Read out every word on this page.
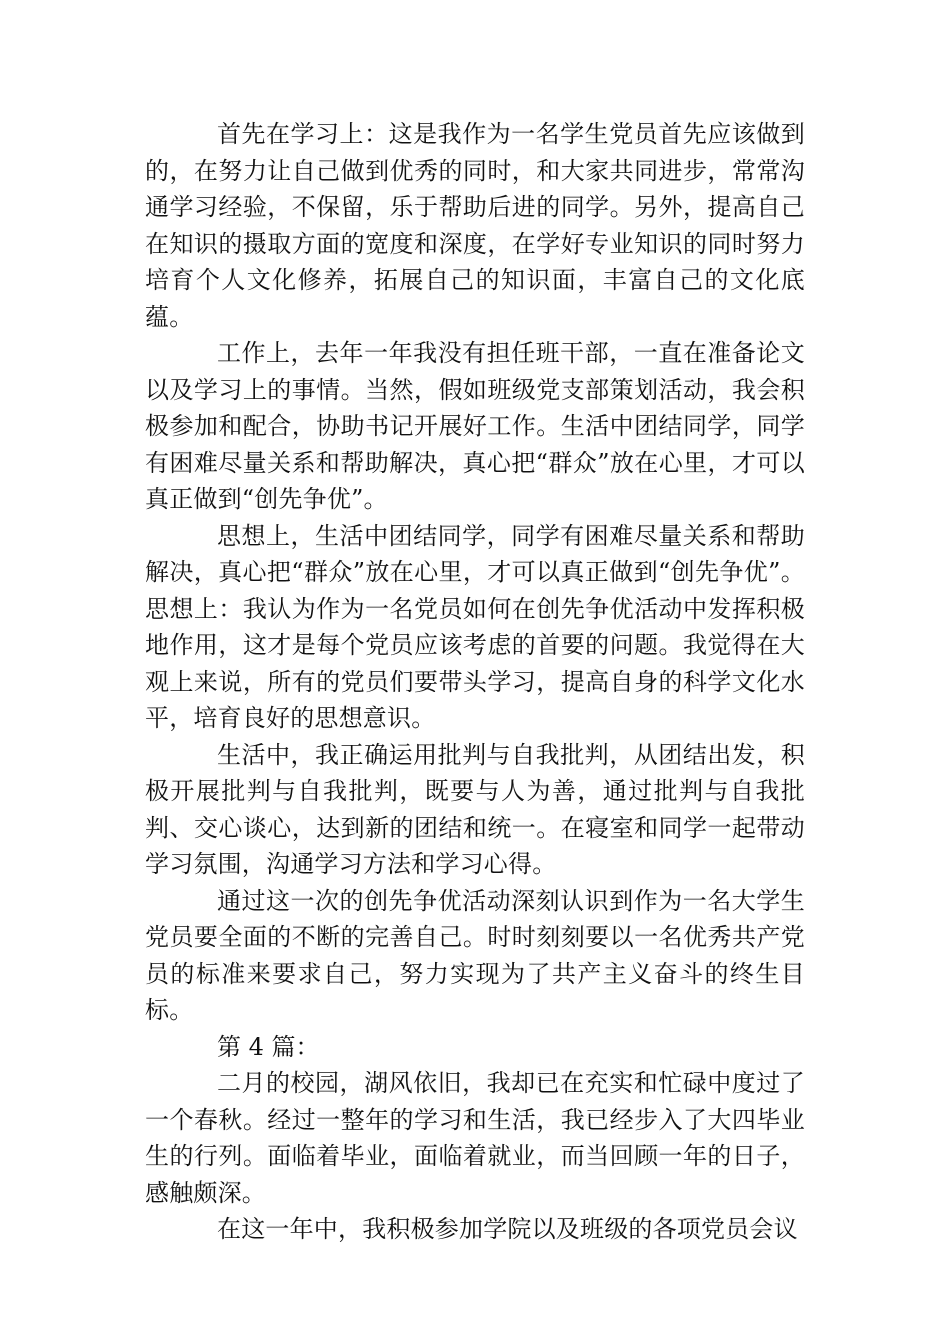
首先在学习上：这是我作为一名学生党员首先应该做到的，在努力让自己做到优秀的同时，和大家共同进步，常常沟通学习经验，不保留，乐于帮助后进的同学。另外，提高自己在知识的摄取方面的宽度和深度，在学好专业知识的同时努力培育个人文化修养，拓展自己的知识面，丰富自己的文化底蕴。

工作上，去年一年我没有担任班干部，一直在准备论文以及学习上的事情。当然，假如班级党支部策划活动，我会积极参加和配合，协助书记开展好工作。生活中团结同学，同学有困难尽量关系和帮助解决，真心把“群众”放在心里，才可以真正做到“创先争优”。

思想上，生活中团结同学，同学有困难尽量关系和帮助解决，真心把“群众”放在心里，才可以真正做到“创先争优”。思想上：我认为作为一名党员如何在创先争优活动中发挥积极地作用，这才是每个党员应该考虑的首要的问题。我觉得在大观上来说，所有的党员们要带头学习，提高自身的科学文化水平，培育良好的思想意识。

生活中，我正确运用批判与自我批判，从团结出发，积极开展批判与自我批判，既要与人为善，通过批判与自我批判、交心谈心，达到新的团结和统一。在寝室和同学一起带动学习氛围，沟通学习方法和学习心得。

通过这一次的创先争优活动深刻认识到作为一名大学生党员要全面的不断的完善自己。时时刻刻要以一名优秀共产党员的标准来要求自己，努力实现为了共产主义奋斗的终生目标。

第 4 篇：

二月的校园，湖风依旧，我却已在充实和忙碌中度过了一个春秋。经过一整年的学习和生活，我已经步入了大四毕业生的行列。面临着毕业，面临着就业，而当回顾一年的日子，感触颇深。

在这一年中，我积极参加学院以及班级的各项党员会议
